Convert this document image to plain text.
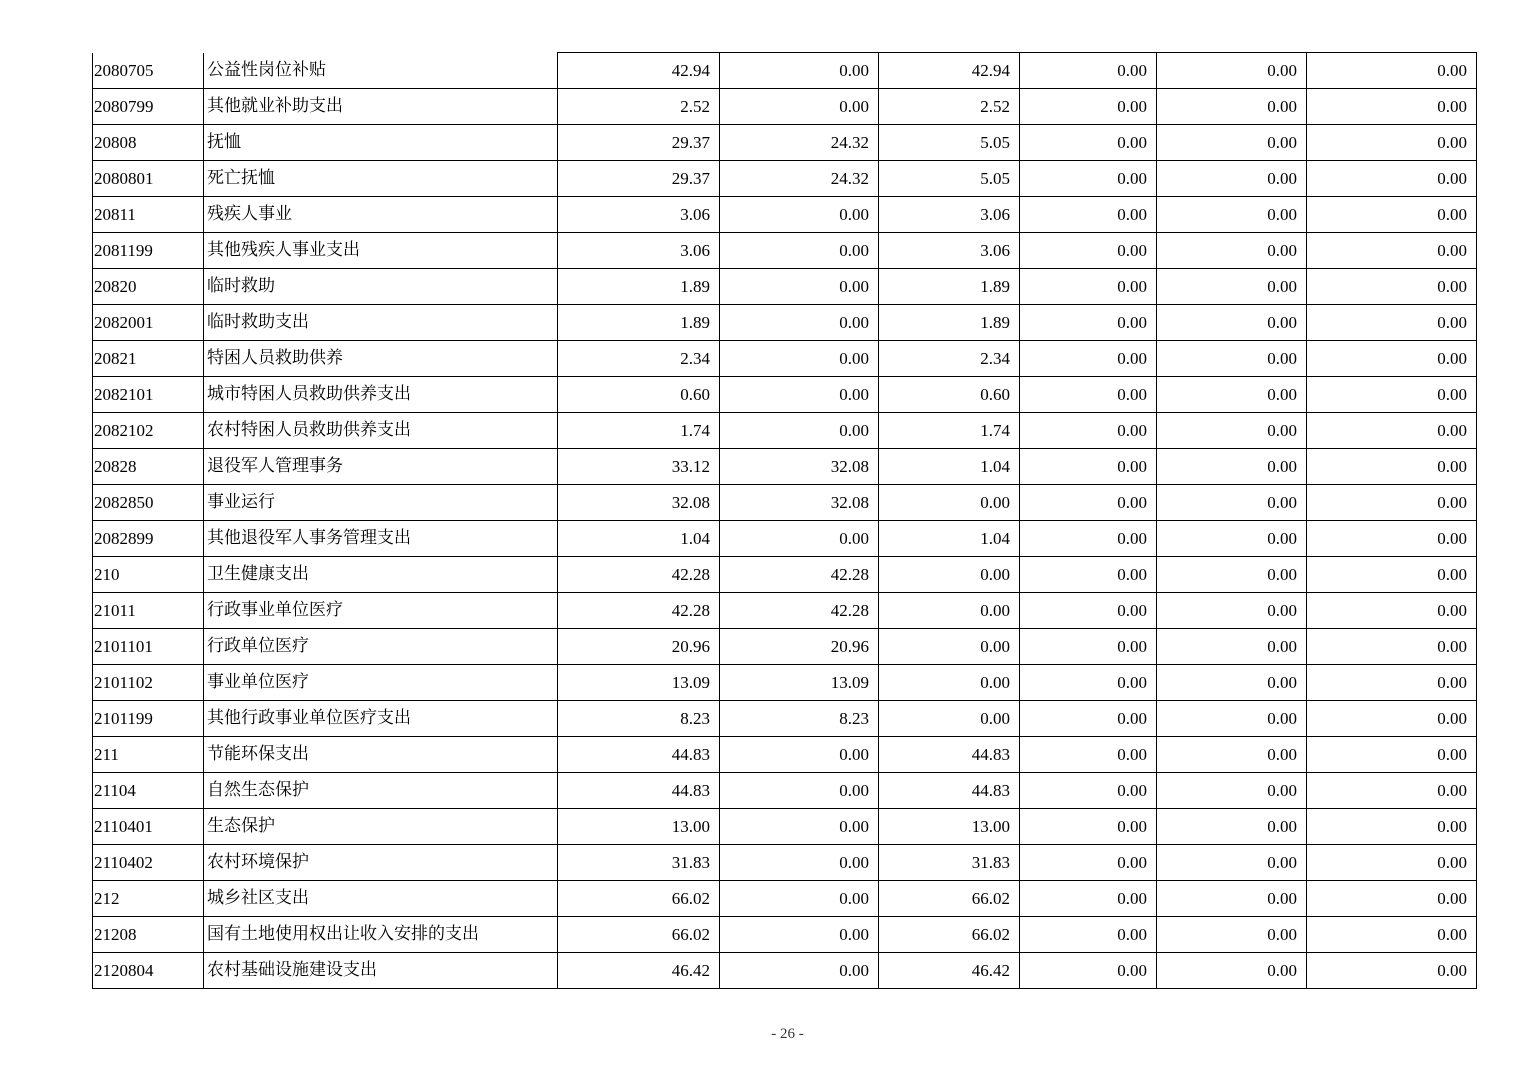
2080705	公益性岗位补贴	42.94	0.00	42.94	0.00	0.00	0.00
2080799	其他就业补助支出	2.52	0.00	2.52	0.00	0.00	0.00
20808	抚恤	29.37	24.32	5.05	0.00	0.00	0.00
2080801	死亡抚恤	29.37	24.32	5.05	0.00	0.00	0.00
20811	残疾人事业	3.06	0.00	3.06	0.00	0.00	0.00
2081199	其他残疾人事业支出	3.06	0.00	3.06	0.00	0.00	0.00
20820	临时救助	1.89	0.00	1.89	0.00	0.00	0.00
2082001	临时救助支出	1.89	0.00	1.89	0.00	0.00	0.00
20821	特困人员救助供养	2.34	0.00	2.34	0.00	0.00	0.00
2082101	城市特困人员救助供养支出	0.60	0.00	0.60	0.00	0.00	0.00
2082102	农村特困人员救助供养支出	1.74	0.00	1.74	0.00	0.00	0.00
20828	退役军人管理事务	33.12	32.08	1.04	0.00	0.00	0.00
2082850	事业运行	32.08	32.08	0.00	0.00	0.00	0.00
2082899	其他退役军人事务管理支出	1.04	0.00	1.04	0.00	0.00	0.00
210	卫生健康支出	42.28	42.28	0.00	0.00	0.00	0.00
21011	行政事业单位医疗	42.28	42.28	0.00	0.00	0.00	0.00
2101101	行政单位医疗	20.96	20.96	0.00	0.00	0.00	0.00
2101102	事业单位医疗	13.09	13.09	0.00	0.00	0.00	0.00
2101199	其他行政事业单位医疗支出	8.23	8.23	0.00	0.00	0.00	0.00
211	节能环保支出	44.83	0.00	44.83	0.00	0.00	0.00
21104	自然生态保护	44.83	0.00	44.83	0.00	0.00	0.00
2110401	生态保护	13.00	0.00	13.00	0.00	0.00	0.00
2110402	农村环境保护	31.83	0.00	31.83	0.00	0.00	0.00
212	城乡社区支出	66.02	0.00	66.02	0.00	0.00	0.00
21208	国有土地使用权出让收入安排的支出	66.02	0.00	66.02	0.00	0.00	0.00
2120804	农村基础设施建设支出	46.42	0.00	46.42	0.00	0.00	0.00
- 26 -
